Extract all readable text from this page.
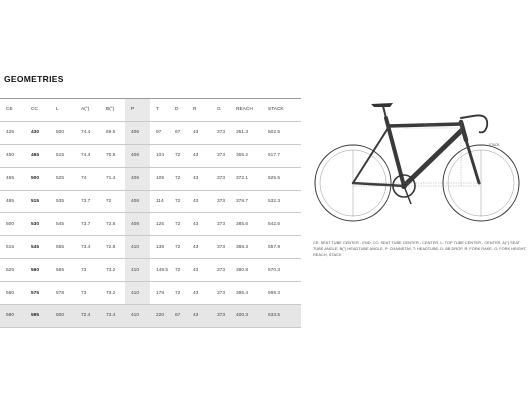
GEOMETRIES
CE	CC	L	A(°)	B(°)	P	T	D	R	G	REACH	STACK
425	430	500	74.4	69.5	406	97	67	43	373	351.3	502.5
450	465	515	74.4	70.5	406	104	72	43	373	365.2	517.7
465	500	525	74	71.4	406	109	72	43	373	372.1	525.5
485	515	535	73.7	72	408	114	72	43	373	378.7	532.3
500	530	545	73.7	72.5	408	125	72	43	373	385.6	542.6
515	545	555	73.4	72.8	410	138	72	43	373	388.3	557.9
525	560	565	73	73.2	410	149.5	72	43	373	390.8	570.3
560	575	578	73	73.2	410	178	72	43	373	395.4	599.3
580	595	600	72.4	73.4	410	220	67	43	373	400.3	633.5
REACH
STACK
CE: SEAT TUBE CENTER - END, CC: SEAT TUBE CENTER - CENTER, L: TOP TUBE CENTER - CENTER, A(°) SEAT TUBE ANGLE, B(°) HEADTUBE ANGLE, P: CHAINSTAY, T: HEADTUBE, D: BB DROP, R: FORK RAKE, G: FORK HEIGHT, REACH, STACK
